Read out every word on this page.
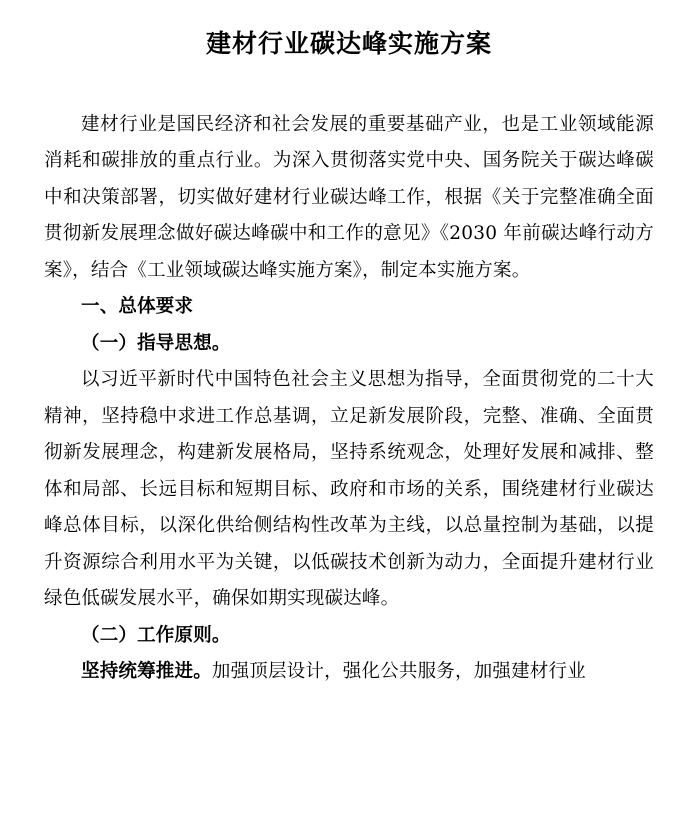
建材行业碳达峰实施方案

建材行业是国民经济和社会发展的重要基础产业，也是工业领域能源消耗和碳排放的重点行业。为深入贯彻落实党中央、国务院关于碳达峰碳中和决策部署，切实做好建材行业碳达峰工作，根据《关于完整准确全面贯彻新发展理念做好碳达峰碳中和工作的意见》《2030 年前碳达峰行动方案》，结合《工业领域碳达峰实施方案》，制定本实施方案。

一、总体要求

（一）指导思想。

以习近平新时代中国特色社会主义思想为指导，全面贯彻党的二十大精神，坚持稳中求进工作总基调，立足新发展阶段，完整、准确、全面贯彻新发展理念，构建新发展格局，坚持系统观念，处理好发展和减排、整体和局部、长远目标和短期目标、政府和市场的关系，围绕建材行业碳达峰总体目标，以深化供给侧结构性改革为主线，以总量控制为基础，以提升资源综合利用水平为关键，以低碳技术创新为动力，全面提升建材行业绿色低碳发展水平，确保如期实现碳达峰。

（二）工作原则。

坚持统筹推进。加强顶层设计，强化公共服务，加强建材行业
